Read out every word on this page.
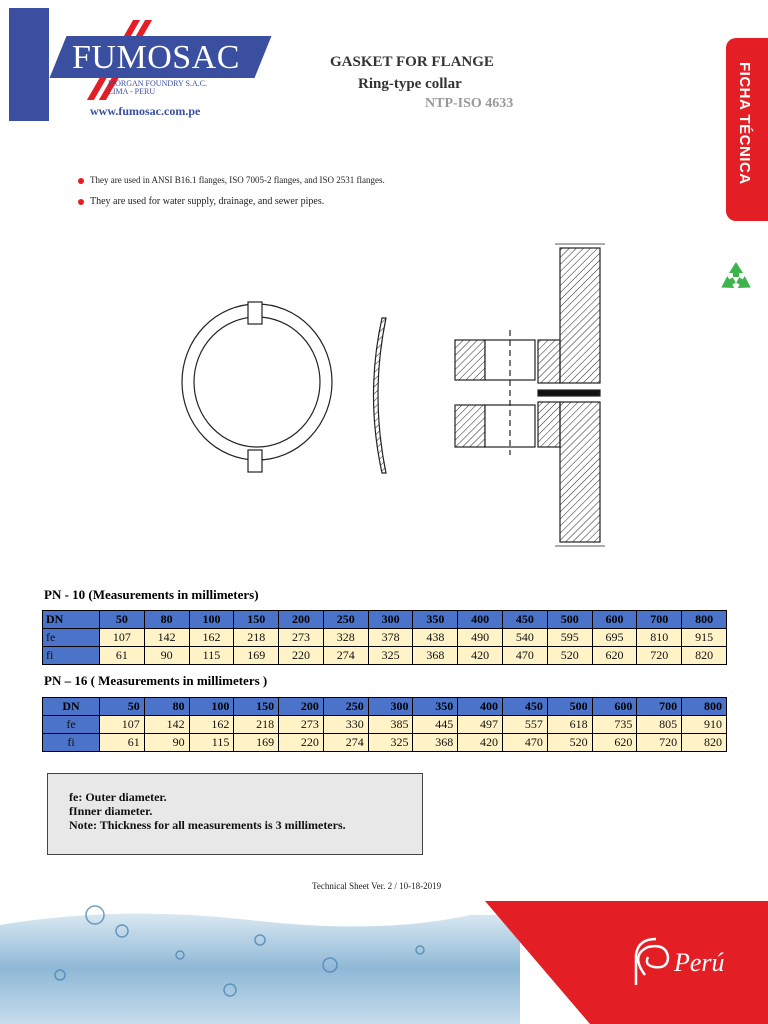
FUMOSAC
MORGAN FOUNDRY S.A.C.
LIMA - PERU
www.fumosac.com.pe
GASKET FOR FLANGE
Ring-type collar
NTP-ISO 4633	FICHA TÉCNICA
They are used in ANSI B16.1 flanges, ISO 7005-2 flanges, and ISO 2531 flanges.
They are used for water supply, drainage, and sewer pipes.
PN - 10 (Measurements in millimeters)
DN	50	80	100	150	200	250	300	350	400	450	500	600	700	800
fe	107	142	162	218	273	328	378	438	490	540	595	695	810	915
fi	61	90	115	169	220	274	325	368	420	470	520	620	720	820
PN – 16 ( Measurements in millimeters )
DN	50	80	100	150	200	250	300	350	400	450	500	600	700	800
fe	107	142	162	218	273	330	385	445	497	557	618	735	805	910
fi	61	90	115	169	220	274	325	368	420	470	520	620	720	820
fe: Outer diameter.
fInner diameter.
Note: Thickness for all measurements is 3 millimeters.
Technical Sheet Ver. 2 / 10-18-2019
Perú
